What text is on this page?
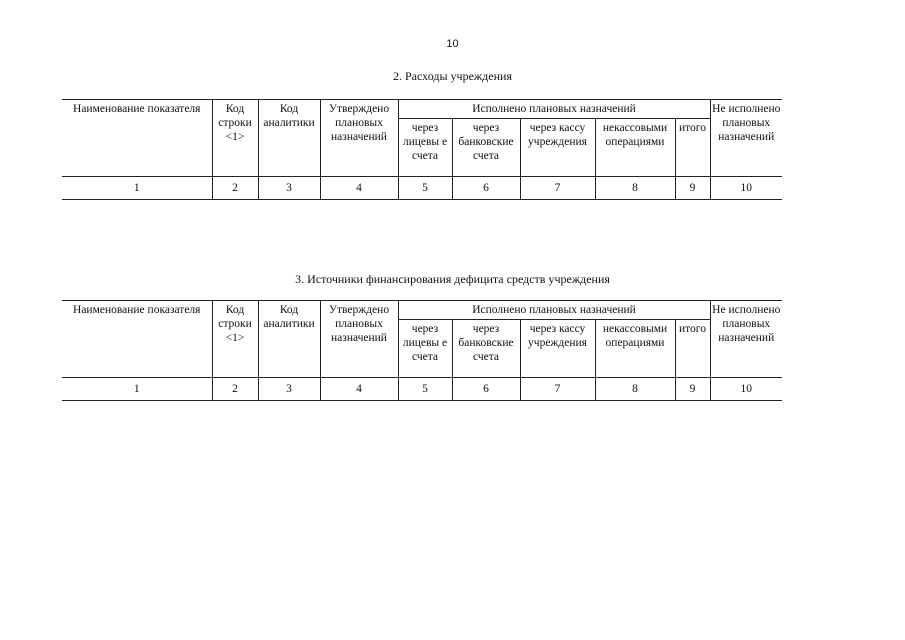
10
2. Расходы учреждения
Наименование показателя	Код строки <1>	Код аналитики	Утверждено плановых назначений	Исполнено плановых назначений					Не исполнено плановых назначений
				через лицевы е счета	через банковские счета	через кассу учреждения	некассовыми операциями	итого	
1	2	3	4	5	6	7	8	9	10
3. Источники финансирования дефицита средств учреждения
Наименование показателя	Код строки <1>	Код аналитики	Утверждено плановых назначений	Исполнено плановых назначений					Не исполнено плановых назначений
				через лицевы е счета	через банковские счета	через кассу учреждения	некассовыми операциями	итого	
1	2	3	4	5	6	7	8	9	10
